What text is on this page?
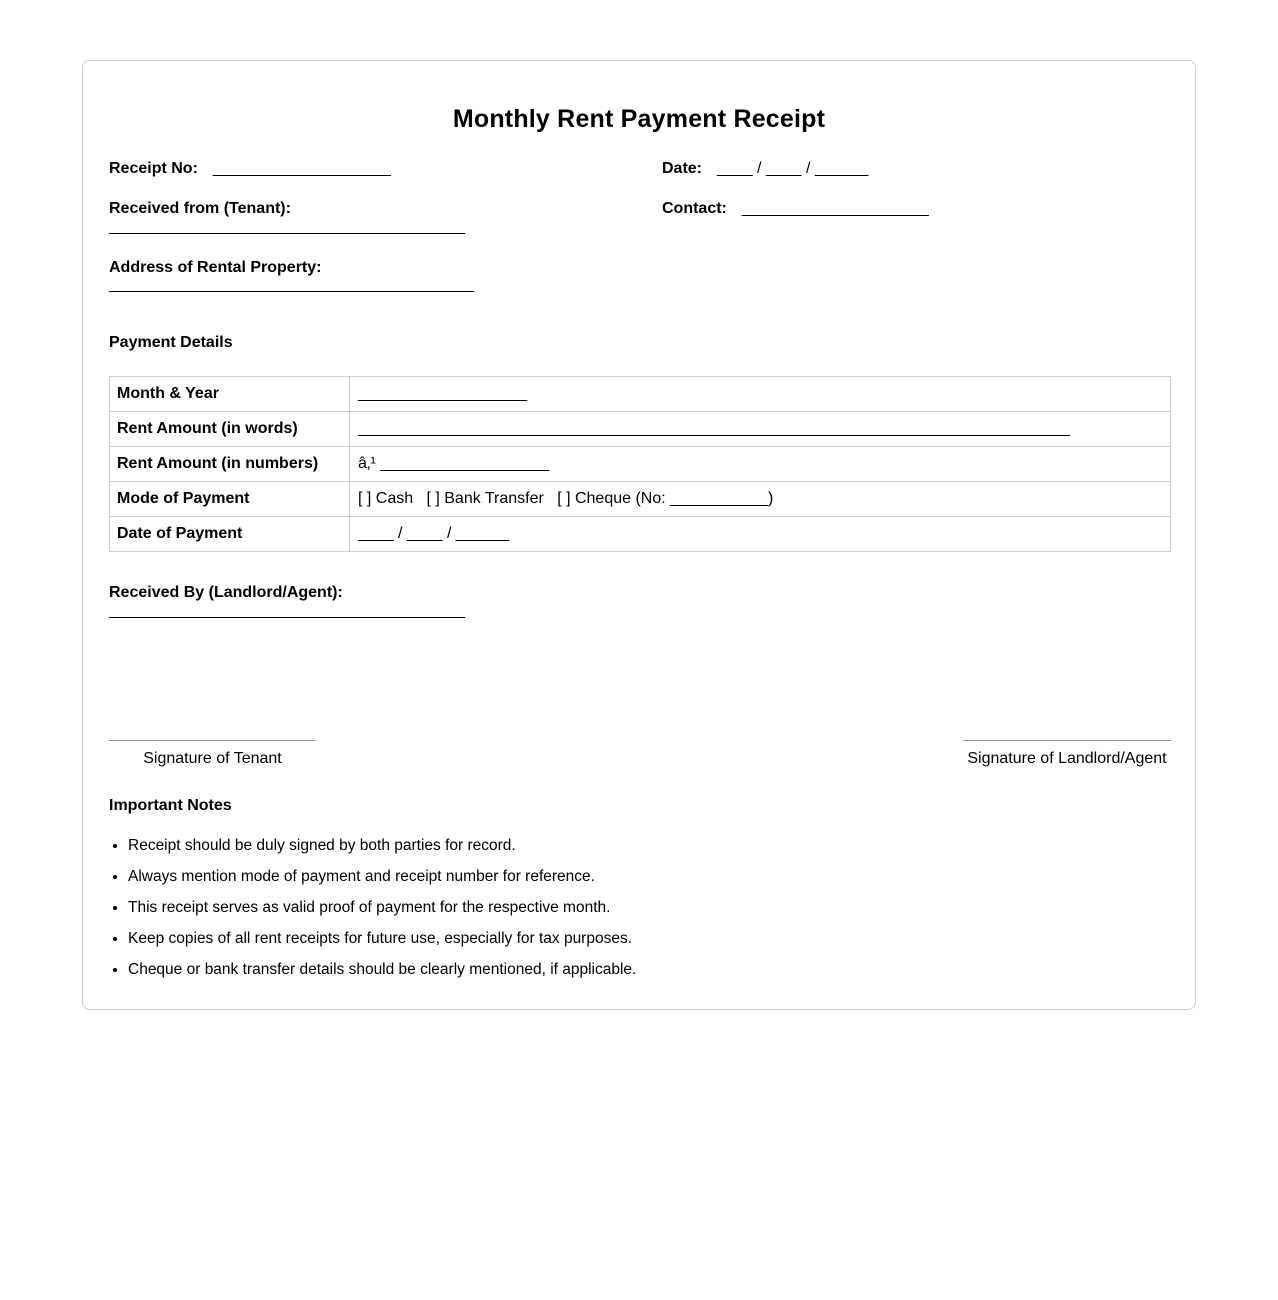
Monthly Rent Payment Receipt
Receipt No: ____________________	Date: ____ / ____ / ______
Received from (Tenant):	Contact: _____________________
________________________________________
Address of Rental Property:
_________________________________________
Payment Details
Month & Year	___________________
Rent Amount (in words)	________________________________________________________________________________
Rent Amount (in numbers)	â‚¹ ___________________
Mode of Payment	[ ] Cash   [ ] Bank Transfer   [ ] Cheque (No: ___________)
Date of Payment	____ / ____ / ______
Received By (Landlord/Agent):
________________________________________
Signature of Tenant	Signature of Landlord/Agent
Important Notes
• Receipt should be duly signed by both parties for record.
• Always mention mode of payment and receipt number for reference.
• This receipt serves as valid proof of payment for the respective month.
• Keep copies of all rent receipts for future use, especially for tax purposes.
• Cheque or bank transfer details should be clearly mentioned, if applicable.
